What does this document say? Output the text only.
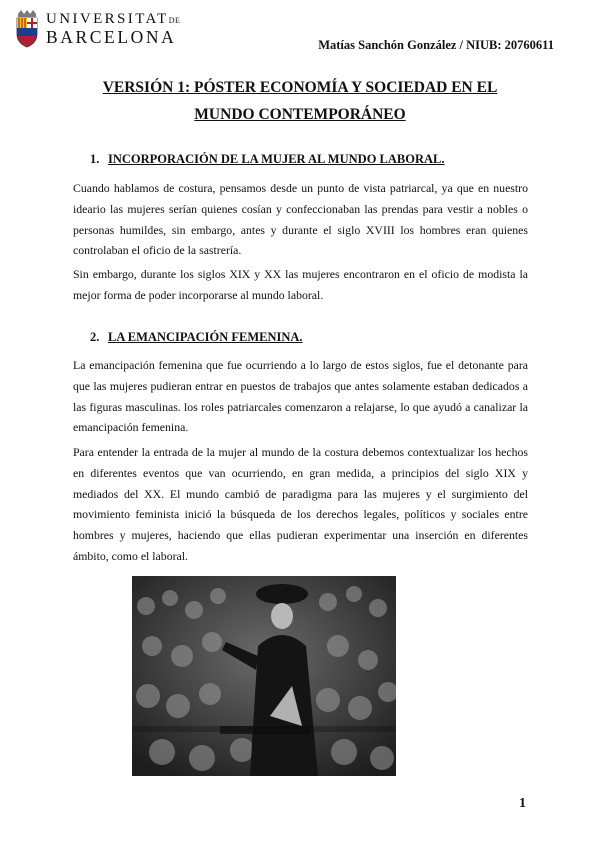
UNIVERSITATDE
BARCELONA	Matías Sanchón González / NIUB: 20760611
VERSIÓN 1: PÓSTER ECONOMÍA Y SOCIEDAD EN EL
MUNDO CONTEMPORÁNEO
1. INCORPORACIÓN DE LA MUJER AL MUNDO LABORAL.
Cuando hablamos de costura, pensamos desde un punto de vista patriarcal, ya que en nuestro ideario las mujeres serían quienes cosían y confeccionaban las prendas para vestir a nobles o personas humildes, sin embargo, antes y durante el siglo XVIII los hombres eran quienes controlaban el oficio de la sastrería.
Sin embargo, durante los siglos XIX y XX las mujeres encontraron en el oficio de modista la mejor forma de poder incorporarse al mundo laboral.
2. LA EMANCIPACIÓN FEMENINA.
La emancipación femenina que fue ocurriendo a lo largo de estos siglos, fue el detonante para que las mujeres pudieran entrar en puestos de trabajos que antes solamente estaban dedicados a las figuras masculinas. los roles patriarcales comenzaron a relajarse, lo que ayudó a canalizar la emancipación femenina.
Para entender la entrada de la mujer al mundo de la costura debemos contextualizar los hechos en diferentes eventos que van ocurriendo, en gran medida, a principios del siglo XIX y mediados del XX. El mundo cambió de paradigma para las mujeres y el surgimiento del movimiento feminista inició la búsqueda de los derechos legales, políticos y sociales entre hombres y mujeres, haciendo que ellas pudieran experimentar una inserción en diferentes ámbito, como el laboral.
1
